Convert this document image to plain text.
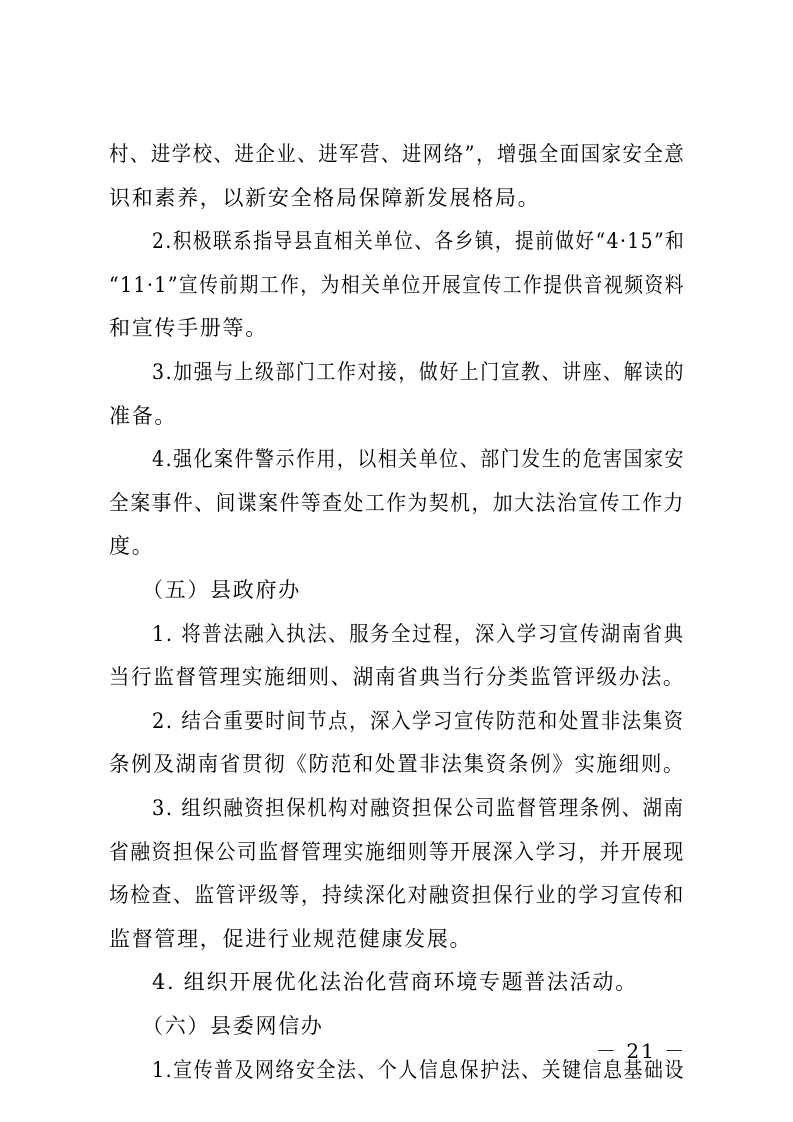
村、进学校、进企业、进军营、进网络”，增强全面国家安全意
识和素养，以新安全格局保障新发展格局。
2.积极联系指导县直相关单位、各乡镇，提前做好“4·15”和
“11·1”宣传前期工作，为相关单位开展宣传工作提供音视频资料
和宣传手册等。
3.加强与上级部门工作对接，做好上门宣教、讲座、解读的
准备。
4.强化案件警示作用，以相关单位、部门发生的危害国家安
全案事件、间谍案件等查处工作为契机，加大法治宣传工作力
度。
（五）县政府办
1. 将普法融入执法、服务全过程，深入学习宣传湖南省典
当行监督管理实施细则、湖南省典当行分类监管评级办法。
2. 结合重要时间节点，深入学习宣传防范和处置非法集资
条例及湖南省贯彻《防范和处置非法集资条例》实施细则。
3. 组织融资担保机构对融资担保公司监督管理条例、湖南
省融资担保公司监督管理实施细则等开展深入学习，并开展现
场检查、监管评级等，持续深化对融资担保行业的学习宣传和
监督管理，促进行业规范健康发展。
4. 组织开展优化法治化营商环境专题普法活动。
（六）县委网信办
1.宣传普及网络安全法、个人信息保护法、关键信息基础设
－ 21 －
